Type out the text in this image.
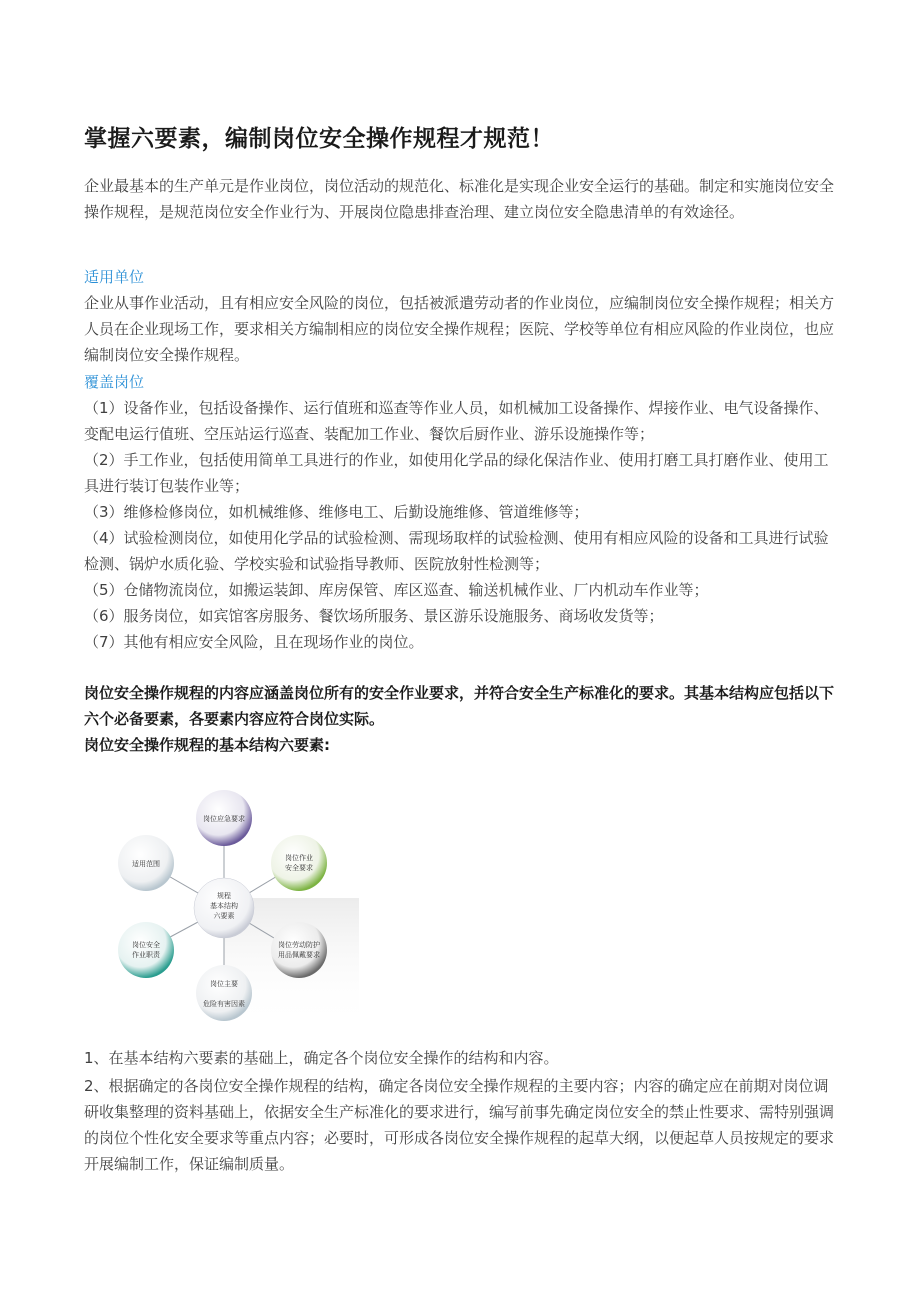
掌握六要素，编制岗位安全操作规程才规范！

企业最基本的生产单元是作业岗位，岗位活动的规范化、标准化是实现企业安全运行的基础。制定和实施岗位安全操作规程，是规范岗位安全作业行为、开展岗位隐患排查治理、建立岗位安全隐患清单的有效途径。

适用单位

企业从事作业活动，且有相应安全风险的岗位，包括被派遣劳动者的作业岗位，应编制岗位安全操作规程；相关方人员在企业现场工作，要求相关方编制相应的岗位安全操作规程；医院、学校等单位有相应风险的作业岗位，也应编制岗位安全操作规程。

覆盖岗位
（1）设备作业，包括设备操作、运行值班和巡查等作业人员，如机械加工设备操作、焊接作业、电气设备操作、变配电运行值班、空压站运行巡查、装配加工作业、餐饮后厨作业、游乐设施操作等；
（2）手工作业，包括使用简单工具进行的作业，如使用化学品的绿化保洁作业、使用打磨工具打磨作业、使用工具进行装订包装作业等；
（3）维修检修岗位，如机械维修、维修电工、后勤设施维修、管道维修等；
（4）试验检测岗位，如使用化学品的试验检测、需现场取样的试验检测、使用有相应风险的设备和工具进行试验检测、锅炉水质化验、学校实验和试验指导教师、医院放射性检测等；
（5）仓储物流岗位，如搬运装卸、库房保管、库区巡查、输送机械作业、厂内机动车作业等；
（6）服务岗位，如宾馆客房服务、餐饮场所服务、景区游乐设施服务、商场收发货等；
（7）其他有相应安全风险，且在现场作业的岗位。

岗位安全操作规程的内容应涵盖岗位所有的安全作业要求，并符合安全生产标准化的要求。其基本结构应包括以下六个必备要素，各要素内容应符合岗位实际。

岗位安全操作规程的基本结构六要素:

规程
基本结构
六要素
岗位应急要求
岗位作业
安全要求
岗位劳动防护
用品佩戴要求
岗位主要
危险有害因素
岗位安全
作业职责
适用范围
1、在基本结构六要素的基础上，确定各个岗位安全操作的结构和内容。
2、根据确定的各岗位安全操作规程的结构，确定各岗位安全操作规程的主要内容；内容的确定应在前期对岗位调研收集整理的资料基础上，依据安全生产标准化的要求进行，编写前事先确定岗位安全的禁止性要求、需特别强调的岗位个性化安全要求等重点内容；必要时，可形成各岗位安全操作规程的起草大纲，以便起草人员按规定的要求开展编制工作，保证编制质量。
